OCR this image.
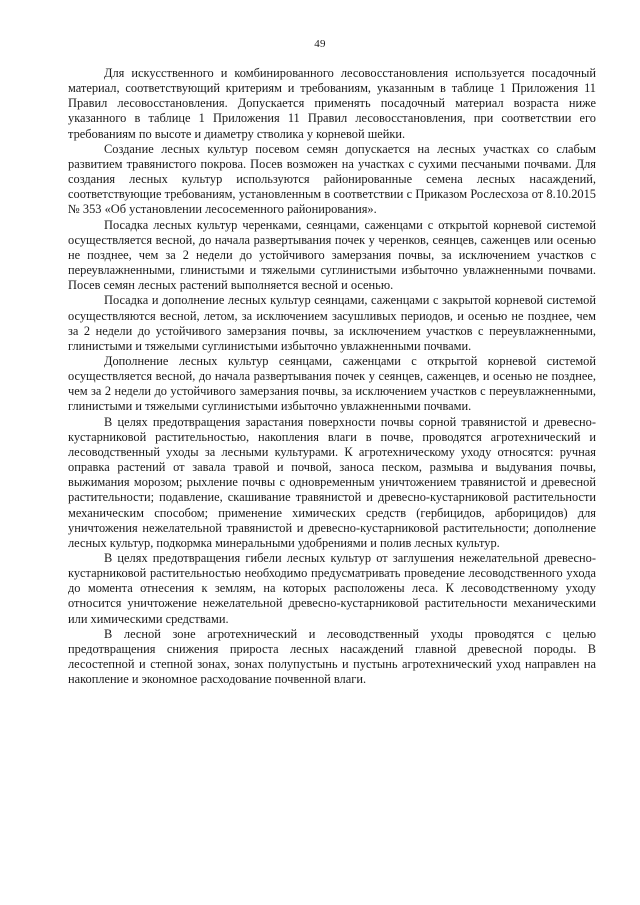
49

Для искусственного и комбинированного лесовосстановления используется посадочный материал, соответствующий критериям и требованиям, указанным в таблице 1 Приложения 11 Правил лесовосстановления. Допускается применять посадочный материал возраста ниже указанного в таблице 1 Приложения 11 Правил лесовосстановления, при соответствии его требованиям по высоте и диаметру стволика у корневой шейки.

Создание лесных культур посевом семян допускается на лесных участках со слабым развитием травянистого покрова. Посев возможен на участках с сухими песчаными почвами. Для создания лесных культур используются районированные семена лесных насаждений, соответствующие требованиям, установленным в соответствии с Приказом Рослесхоза от 8.10.2015 № 353 «Об установлении лесосеменного районирования».

Посадка лесных культур черенками, сеянцами, саженцами с открытой корневой системой осуществляется весной, до начала развертывания почек у черенков, сеянцев, саженцев или осенью не позднее, чем за 2 недели до устойчивого замерзания почвы, за исключением участков с переувлажненными, глинистыми и тяжелыми суглинистыми избыточно увлажненными почвами. Посев семян лесных растений выполняется весной и осенью.

Посадка и дополнение лесных культур сеянцами, саженцами с закрытой корневой системой осуществляются весной, летом, за исключением засушливых периодов, и осенью не позднее, чем за 2 недели до устойчивого замерзания почвы, за исключением участков с переувлажненными, глинистыми и тяжелыми суглинистыми избыточно увлажненными почвами.

Дополнение лесных культур сеянцами, саженцами с открытой корневой системой осуществляется весной, до начала развертывания почек у сеянцев, саженцев, и осенью не позднее, чем за 2 недели до устойчивого замерзания почвы, за исключением участков с переувлажненными, глинистыми и тяжелыми суглинистыми избыточно увлажненными почвами.

В целях предотвращения зарастания поверхности почвы сорной травянистой и древесно-кустарниковой растительностью, накопления влаги в почве, проводятся агротехнический и лесоводственный уходы за лесными культурами. К агротехническому уходу относятся: ручная оправка растений от завала травой и почвой, заноса песком, размыва и выдувания почвы, выжимания морозом; рыхление почвы с одновременным уничтожением травянистой и древесной растительности; подавление, скашивание травянистой и древесно-кустарниковой растительности механическим способом; применение химических средств (гербицидов, арборицидов) для уничтожения нежелательной травянистой и древесно-кустарниковой растительности; дополнение лесных культур, подкормка минеральными удобрениями и полив лесных культур.

В целях предотвращения гибели лесных культур от заглушения нежелательной древесно-кустарниковой растительностью необходимо предусматривать проведение лесоводственного ухода до момента отнесения к землям, на которых расположены леса. К лесоводственному уходу относится уничтожение нежелательной древесно-кустарниковой растительности механическими или химическими средствами.

В лесной зоне агротехнический и лесоводственный уходы проводятся с целью предотвращения снижения прироста лесных насаждений главной древесной породы. В лесостепной и степной зонах, зонах полупустынь и пустынь агротехнический уход направлен на накопление и экономное расходование почвенной влаги.
